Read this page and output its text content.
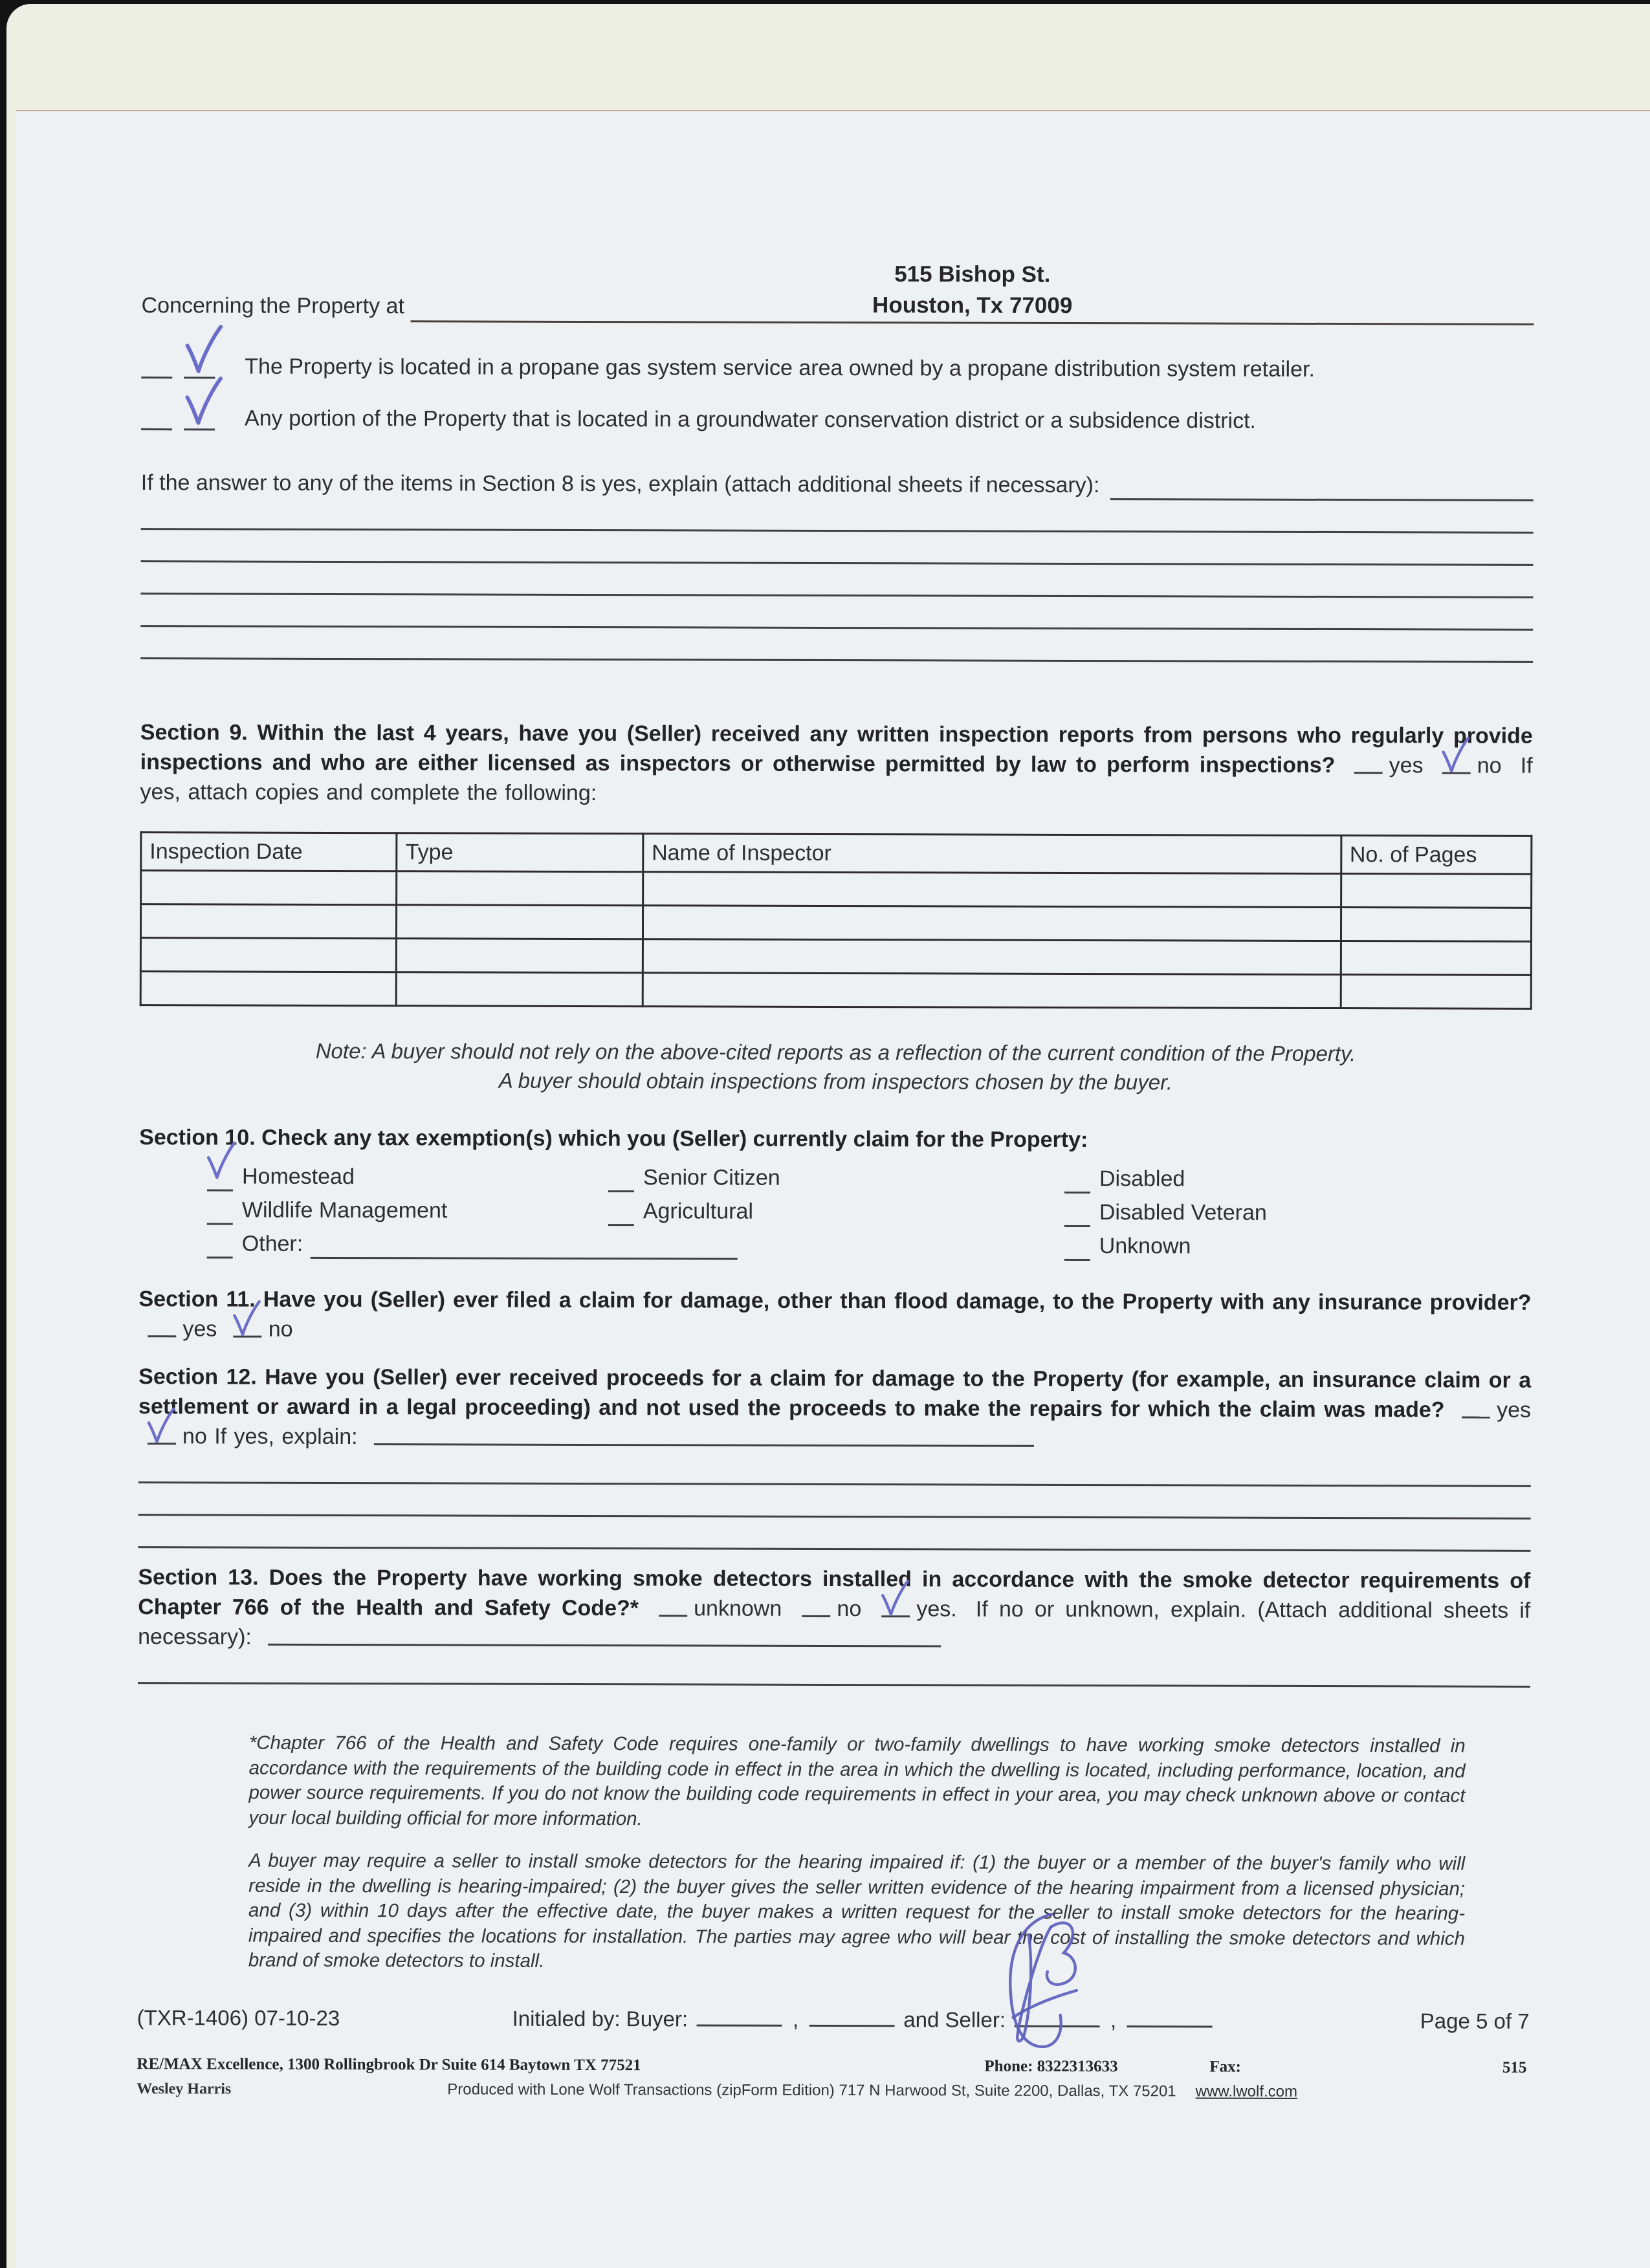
Concerning the Property at
515 Bishop St.
Houston, Tx 77009
The Property is located in a propane gas system service area owned by a propane distribution system retailer.
Any portion of the Property that is located in a groundwater conservation district or a subsidence district.
If the answer to any of the items in Section 8 is yes, explain (attach additional sheets if necessary):
Section 9. Within the last 4 years, have you (Seller) received any written inspection reports from persons who regularly provide inspections and who are either licensed as inspectors or otherwise permitted by law to perform inspections? yes no If yes, attach copies and complete the following:
Inspection Date	Type	Name of Inspector	No. of Pages

Note: A buyer should not rely on the above-cited reports as a reflection of the current condition of the Property.
A buyer should obtain inspections from inspectors chosen by the buyer.
Section 10. Check any tax exemption(s) which you (Seller) currently claim for the Property:
Homestead	Senior Citizen	Disabled
Wildlife Management	Agricultural	Disabled Veteran
Other:	Unknown
Section 11. Have you (Seller) ever filed a claim for damage, other than flood damage, to the Property with any insurance provider? yes no
Section 12. Have you (Seller) ever received proceeds for a claim for damage to the Property (for example, an insurance claim or a settlement or award in a legal proceeding) and not used the proceeds to make the repairs for which the claim was made? yes
no If yes, explain:
Section 13. Does the Property have working smoke detectors installed in accordance with the smoke detector requirements of Chapter 766 of the Health and Safety Code?*	unknown	no	yes. If no or unknown, explain. (Attach additional sheets if necessary):
*Chapter 766 of the Health and Safety Code requires one-family or two-family dwellings to have working smoke detectors installed in accordance with the requirements of the building code in effect in the area in which the dwelling is located, including performance, location, and power source requirements. If you do not know the building code requirements in effect in your area, you may check unknown above or contact your local building official for more information.
A buyer may require a seller to install smoke detectors for the hearing impaired if: (1) the buyer or a member of the buyer's family who will reside in the dwelling is hearing-impaired; (2) the buyer gives the seller written evidence of the hearing impairment from a licensed physician; and (3) within 10 days after the effective date, the buyer makes a written request for the seller to install smoke detectors for the hearing-impaired and specifies the locations for installation. The parties may agree who will bear the cost of installing the smoke detectors and which brand of smoke detectors to install.
(TXR-1406) 07-10-23	Initialed by: Buyer:	,	and Seller:	,	Page 5 of 7
RE/MAX Excellence, 1300 Rollingbrook Dr Suite 614 Baytown TX 77521	Phone: 8322313633	Fax:	515
Wesley Harris	Produced with Lone Wolf Transactions (zipForm Edition) 717 N Harwood St, Suite 2200, Dallas, TX 75201 www.lwolf.com
